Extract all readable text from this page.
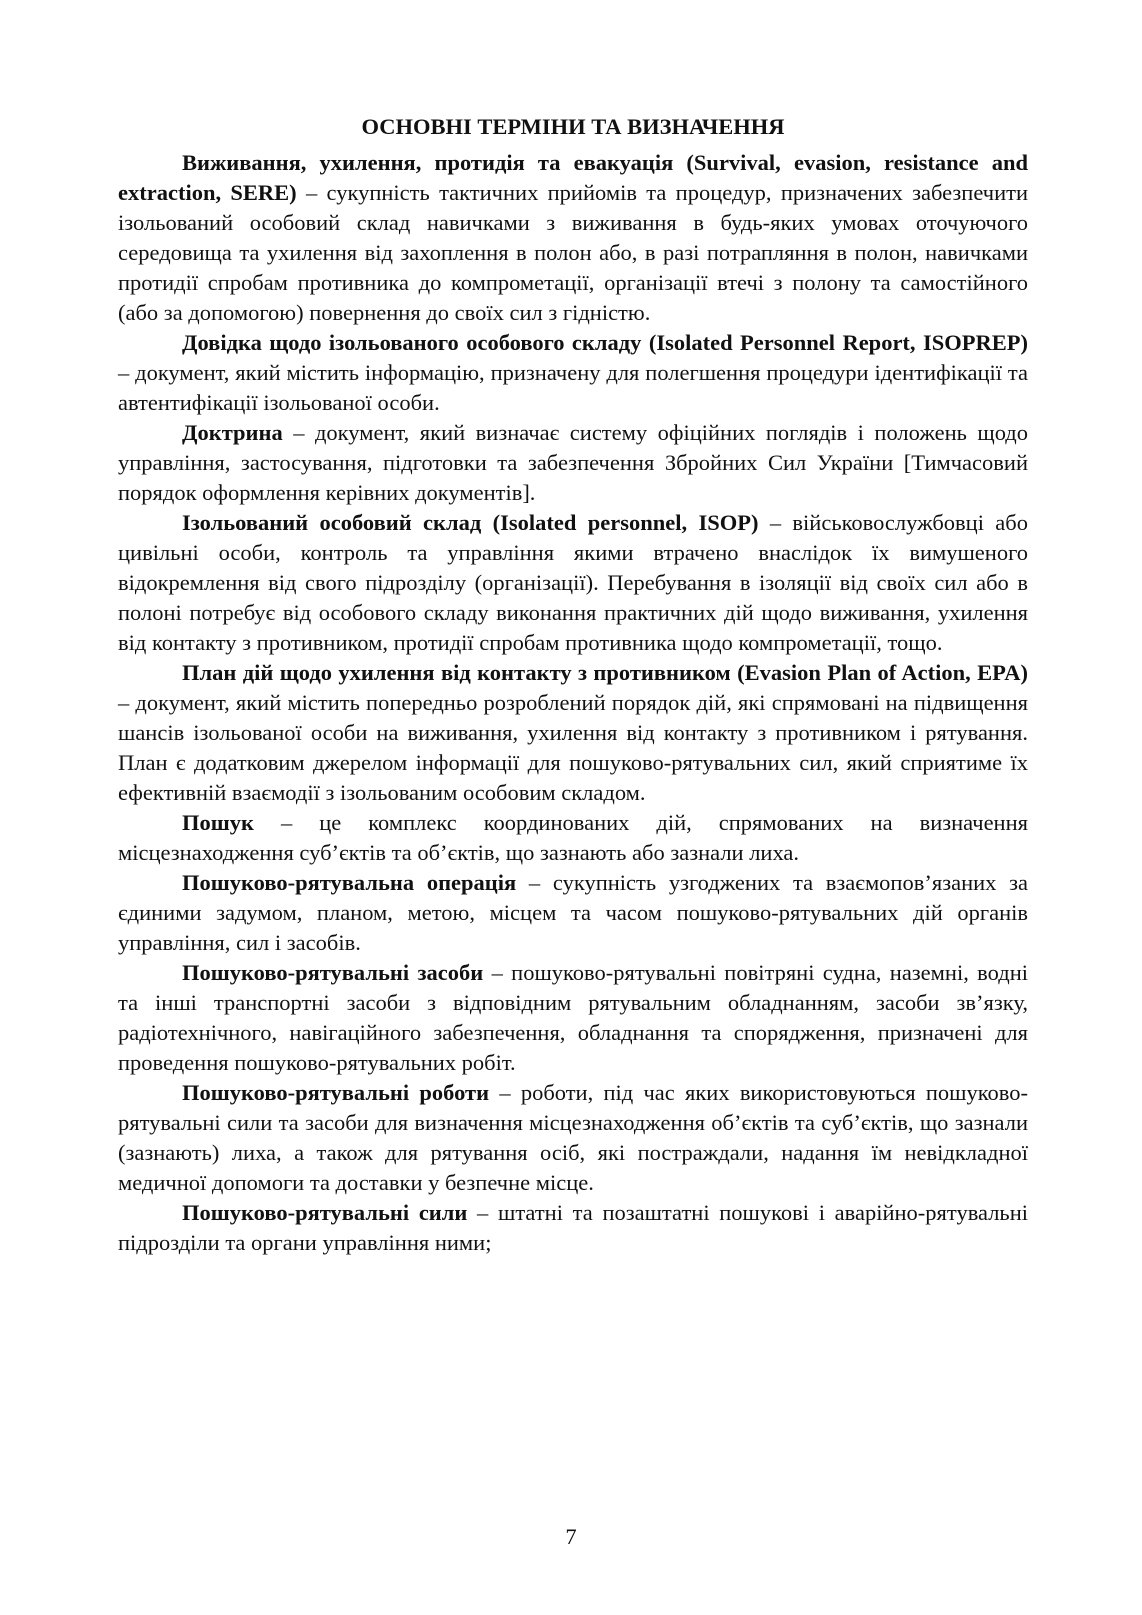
ОСНОВНІ ТЕРМІНИ ТА ВИЗНАЧЕННЯ

Виживання, ухилення, протидія та евакуація (Survival, evasion, resistance and extraction, SERE) – сукупність тактичних прийомів та процедур, призначених забезпечити ізольований особовий склад навичками з виживання в будь-яких умовах оточуючого середовища та ухилення від захоплення в полон або, в разі потрапляння в полон, навичками протидії спробам противника до компрометації, організації втечі з полону та самостійного (або за допомогою) повернення до своїх сил з гідністю.

Довідка щодо ізольованого особового складу (Isolated Personnel Report, ISOPREP) – документ, який містить інформацію, призначену для полегшення процедури ідентифікації та автентифікації ізольованої особи.

Доктрина – документ, який визначає систему офіційних поглядів і положень щодо управління, застосування, підготовки та забезпечення Збройних Сил України [Тимчасовий порядок оформлення керівних документів].

Ізольований особовий склад (Isolated personnel, ISOP) – військовослужбовці або цивільні особи, контроль та управління якими втрачено внаслідок їх вимушеного відокремлення від свого підрозділу (організації). Перебування в ізоляції від своїх сил або в полоні потребує від особового складу виконання практичних дій щодо виживання, ухилення від контакту з противником, протидії спробам противника щодо компрометації, тощо.

План дій щодо ухилення від контакту з противником (Evasion Plan of Action, EPA) – документ, який містить попередньо розроблений порядок дій, які спрямовані на підвищення шансів ізольованої особи на виживання, ухилення від контакту з противником і рятування. План є додатковим джерелом інформації для пошуково-рятувальних сил, який сприятиме їх ефективній взаємодії з ізольованим особовим складом.

Пошук – це комплекс координованих дій, спрямованих на визначення місцезнаходження суб’єктів та об’єктів, що зазнають або зазнали лиха.

Пошуково-рятувальна операція – сукупність узгоджених та взаємопов’язаних за єдиними задумом, планом, метою, місцем та часом пошуково-рятувальних дій органів управління, сил і засобів.

Пошуково-рятувальні засоби – пошуково-рятувальні повітряні судна, наземні, водні та інші транспортні засоби з відповідним рятувальним обладнанням, засоби зв’язку, радіотехнічного, навігаційного забезпечення, обладнання та спорядження, призначені для проведення пошуково-рятувальних робіт.

Пошуково-рятувальні роботи – роботи, під час яких використовуються пошуково-рятувальні сили та засоби для визначення місцезнаходження об’єктів та суб’єктів, що зазнали (зазнають) лиха, а також для рятування осіб, які постраждали, надання їм невідкладної медичної допомоги та доставки у безпечне місце.

Пошуково-рятувальні сили – штатні та позаштатні пошукові і аварійно-рятувальні підрозділи та органи управління ними;

7
